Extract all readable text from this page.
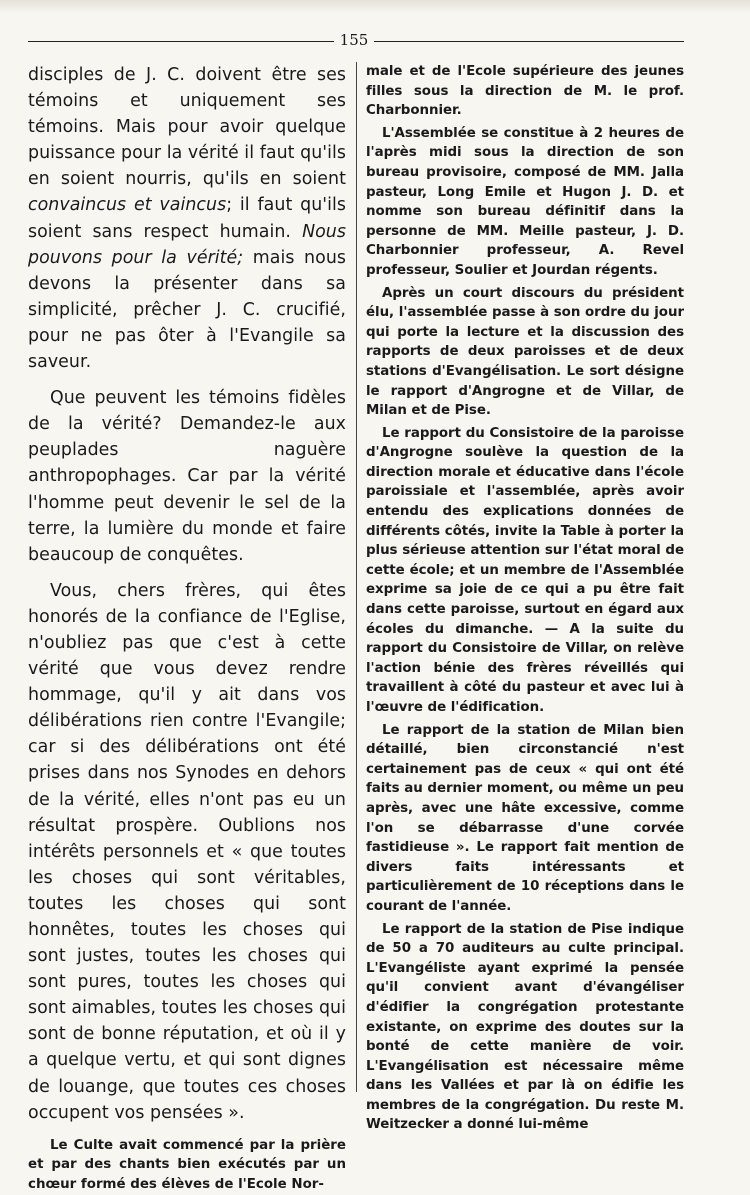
155

disciples de J. C. doivent être ses témoins et uniquement ses témoins. Mais pour avoir quelque puissance pour la vérité il faut qu'ils en soient nourris, qu'ils en soient convaincus et vaincus; il faut qu'ils soient sans respect humain. Nous pouvons pour la vérité; mais nous devons la présenter dans sa simplicité, prêcher J. C. crucifié, pour ne pas ôter à l'Evangile sa saveur.

Que peuvent les témoins fidèles de la vérité? Demandez-le aux peuplades naguère anthropophages. Car par la vérité l'homme peut devenir le sel de la terre, la lumière du monde et faire beaucoup de conquêtes.

Vous, chers frères, qui êtes honorés de la confiance de l'Eglise, n'oubliez pas que c'est à cette vérité que vous devez rendre hommage, qu'il y ait dans vos délibérations rien contre l'Evangile; car si des délibérations ont été prises dans nos Synodes en dehors de la vérité, elles n'ont pas eu un résultat prospère. Oublions nos intérêts personnels et « que toutes les choses qui sont véritables, toutes les choses qui sont honnêtes, toutes les choses qui sont justes, toutes les choses qui sont pures, toutes les choses qui sont aimables, toutes les choses qui sont de bonne réputation, et où il y a quelque vertu, et qui sont dignes de louange, que toutes ces choses occupent vos pensées ».

Le Culte avait commencé par la prière et par des chants bien exécutés par un chœur formé des élèves de l'Ecole Nor-

male et de l'Ecole supérieure des jeunes filles sous la direction de M. le prof. Charbonnier.

L'Assemblée se constitue à 2 heures de l'après midi sous la direction de son bureau provisoire, composé de MM. Jalla pasteur, Long Emile et Hugon J. D. et nomme son bureau définitif dans la personne de MM. Meille pasteur, J. D. Charbonnier professeur, A. Revel professeur, Soulier et Jourdan régents.

Après un court discours du président élu, l'assemblée passe à son ordre du jour qui porte la lecture et la discussion des rapports de deux paroisses et de deux stations d'Evangélisation. Le sort désigne le rapport d'Angrogne et de Villar, de Milan et de Pise.

Le rapport du Consistoire de la paroisse d'Angrogne soulève la question de la direction morale et éducative dans l'école paroissiale et l'assemblée, après avoir entendu des explications données de différents côtés, invite la Table à porter la plus sérieuse attention sur l'état moral de cette école; et un membre de l'Assemblée exprime sa joie de ce qui a pu être fait dans cette paroisse, surtout en égard aux écoles du dimanche. — A la suite du rapport du Consistoire de Villar, on relève l'action bénie des frères réveillés qui travaillent à côté du pasteur et avec lui à l'œuvre de l'édification.

Le rapport de la station de Milan bien détaillé, bien circonstancié n'est certainement pas de ceux « qui ont été faits au dernier moment, ou même un peu après, avec une hâte excessive, comme l'on se débarrasse d'une corvée fastidieuse ». Le rapport fait mention de divers faits intéressants et particulièrement de 10 réceptions dans le courant de l'année.

Le rapport de la station de Pise indique de 50 a 70 auditeurs au culte principal. L'Evangéliste ayant exprimé la pensée qu'il convient avant d'évangéliser d'édifier la congrégation protestante existante, on exprime des doutes sur la bonté de cette manière de voir. L'Evangélisation est nécessaire même dans les Vallées et par là on édifie les membres de la congrégation. Du reste M. Weitzecker a donné lui-même
